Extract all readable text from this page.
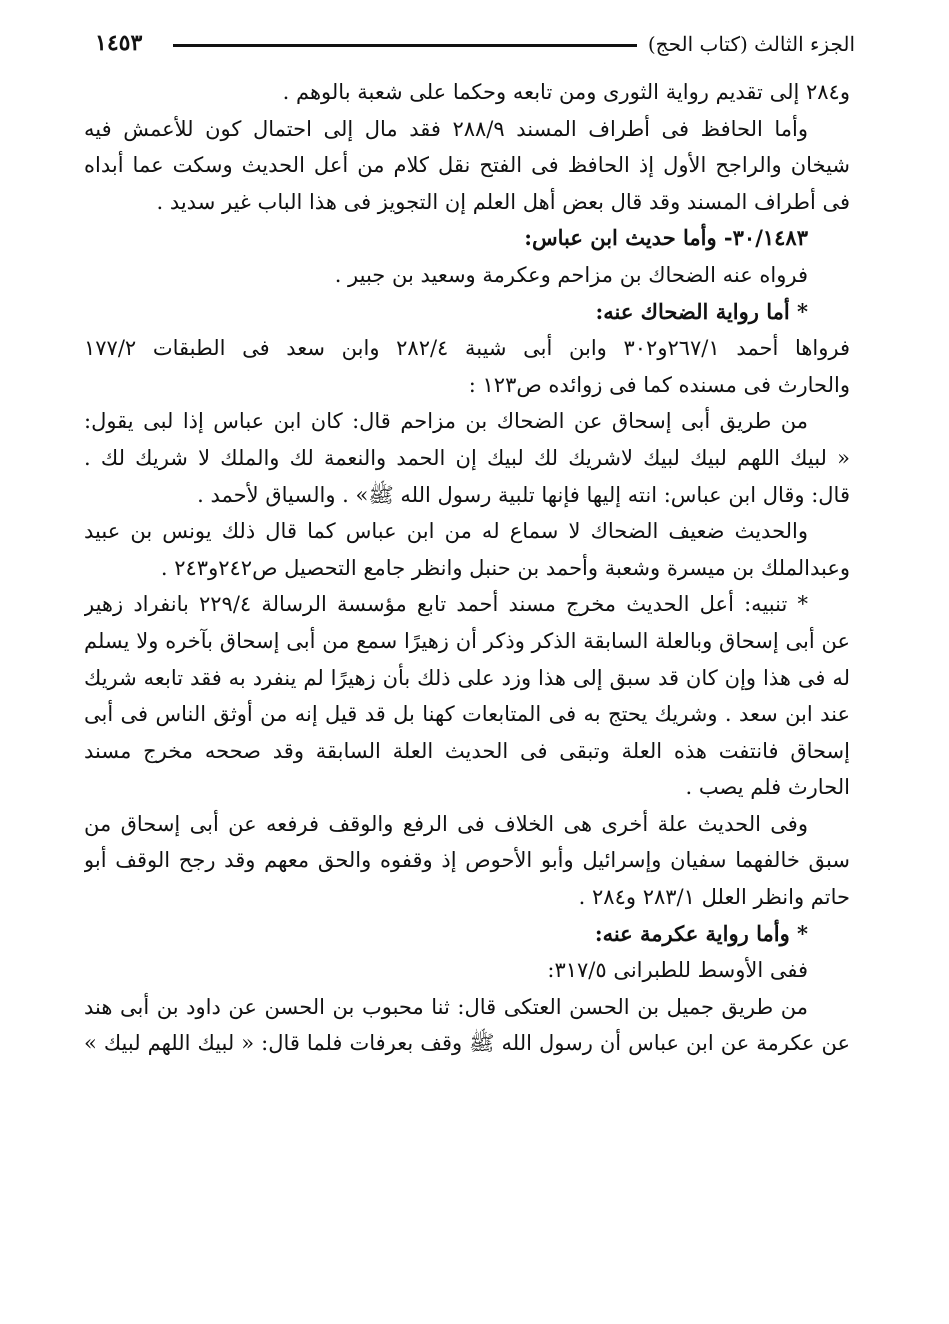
الجزء الثالث (كتاب الحج)
١٤٥٣
و٢٨٤ إلى تقديم رواية الثورى ومن تابعه وحكما على شعبة بالوهم .
وأما الحافظ فى أطراف المسند ٢٨٨/٩ فقد مال إلى احتمال كون للأعمش فيه
شيخان والراجح الأول إذ الحافظ فى الفتح نقل كلام من أعل الحديث وسكت عما أبداه
فى أطراف المسند وقد قال بعض أهل العلم إن التجويز فى هذا الباب غير سديد .
٣٠/١٤٨٣- وأما حديث ابن عباس:
فرواه عنه الضحاك بن مزاحم وعكرمة وسعيد بن جبير .
* أما رواية الضحاك عنه:
فرواها أحمد ٢٦٧/١و٣٠٢ وابن أبى شيبة ٢٨٢/٤ وابن سعد فى الطبقات ١٧٧/٢
والحارث فى مسنده كما فى زوائده ص١٢٣ :
من طريق أبى إسحاق عن الضحاك بن مزاحم قال: كان ابن عباس إذا لبى يقول:
« لبيك اللهم لبيك لبيك لاشريك لك لبيك إن الحمد والنعمة لك والملك لا شريك لك .
قال: وقال ابن عباس: انته إليها فإنها تلبية رسول الله ﷺ» . والسياق لأحمد .
والحديث ضعيف الضحاك لا سماع له من ابن عباس كما قال ذلك يونس بن عبيد
وعبدالملك بن ميسرة وشعبة وأحمد بن حنبل وانظر جامع التحصيل ص٢٤٢و٢٤٣ .
* تنبيه: أعل الحديث مخرج مسند أحمد تابع مؤسسة الرسالة ٢٢٩/٤ بانفراد زهير
عن أبى إسحاق وبالعلة السابقة الذكر وذكر أن زهيرًا سمع من أبى إسحاق بآخره ولا يسلم
له فى هذا وإن كان قد سبق إلى هذا وزد على ذلك بأن زهيرًا لم ينفرد به فقد تابعه شريك
عند ابن سعد . وشريك يحتج به فى المتابعات كهنا بل قد قيل إنه من أوثق الناس فى أبى
إسحاق فانتفت هذه العلة وتبقى فى الحديث العلة السابقة وقد صححه مخرج مسند
الحارث فلم يصب .
وفى الحديث علة أخرى هى الخلاف فى الرفع والوقف فرفعه عن أبى إسحاق من
سبق خالفهما سفيان وإسرائيل وأبو الأحوص إذ وقفوه والحق معهم وقد رجح الوقف أبو
حاتم وانظر العلل ٢٨٣/١ و٢٨٤ .
* وأما رواية عكرمة عنه:
ففى الأوسط للطبرانى ٣١٧/٥:
من طريق جميل بن الحسن العتكى قال: ثنا محبوب بن الحسن عن داود بن أبى هند
عن عكرمة عن ابن عباس أن رسول الله ﷺ وقف بعرفات فلما قال: « لبيك اللهم لبيك »
